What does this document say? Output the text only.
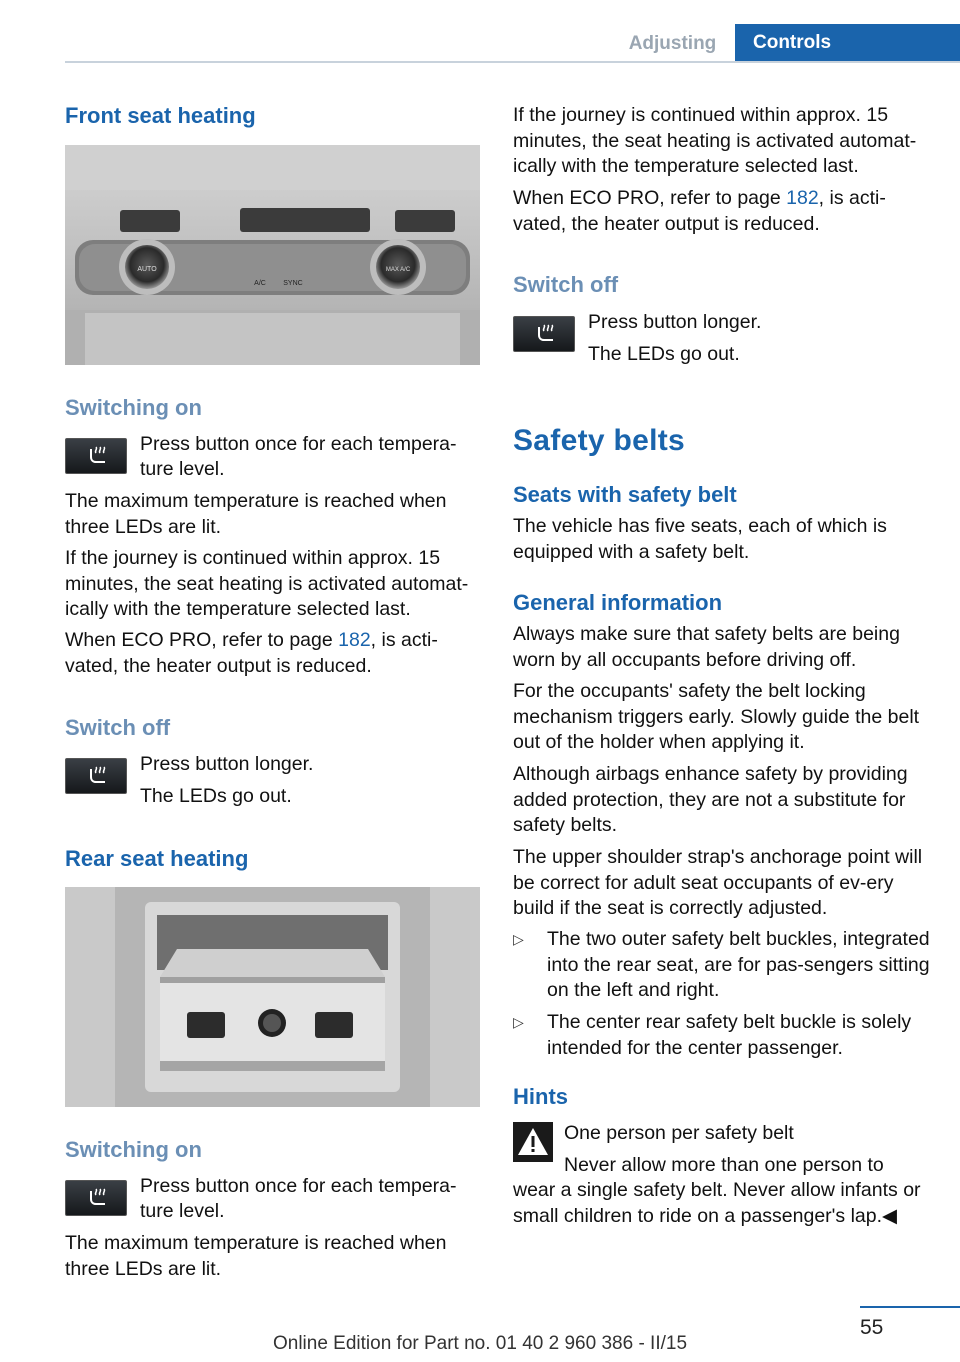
Adjusting	Controls
Front seat heating
AUTO
A/C SYNC
MAX A/C
Switching on

Press button once for each tempera‐

ture level.

The maximum temperature is reached when three LEDs are lit.

If the journey is continued within approx. 15 minutes, the seat heating is activated automat‐ically with the temperature selected last.

When ECO PRO, refer to page 182, is acti‐vated, the heater output is reduced.

Switch off

Press button longer.

The LEDs go out.

Rear seat heating
Switching on

Press button once for each tempera‐

ture level.

The maximum temperature is reached when three LEDs are lit.

If the journey is continued within approx. 15 minutes, the seat heating is activated automat‐ically with the temperature selected last.

When ECO PRO, refer to page 182, is acti‐vated, the heater output is reduced.

Switch off

Press button longer.

The LEDs go out.

Safety belts
Seats with safety belt

The vehicle has five seats, each of which is equipped with a safety belt.

General information

Always make sure that safety belts are being worn by all occupants before driving off.

For the occupants' safety the belt locking mechanism triggers early. Slowly guide the belt out of the holder when applying it.

Although airbags enhance safety by providing added protection, they are not a substitute for safety belts.

The upper shoulder strap's anchorage point will be correct for adult seat occupants of ev‐ery build if the seat is correctly adjusted.

▷ The two outer safety belt buckles, integrated into the rear seat, are for pas‐sengers sitting on the left and right.
▷ The center rear safety belt buckle is solely intended for the center passenger.
Hints

One person per safety belt

Never allow more than one person to

wear a single safety belt. Never allow infants or small children to ride on a passenger's lap.◀

55
Online Edition for Part no. 01 40 2 960 386 - II/15
